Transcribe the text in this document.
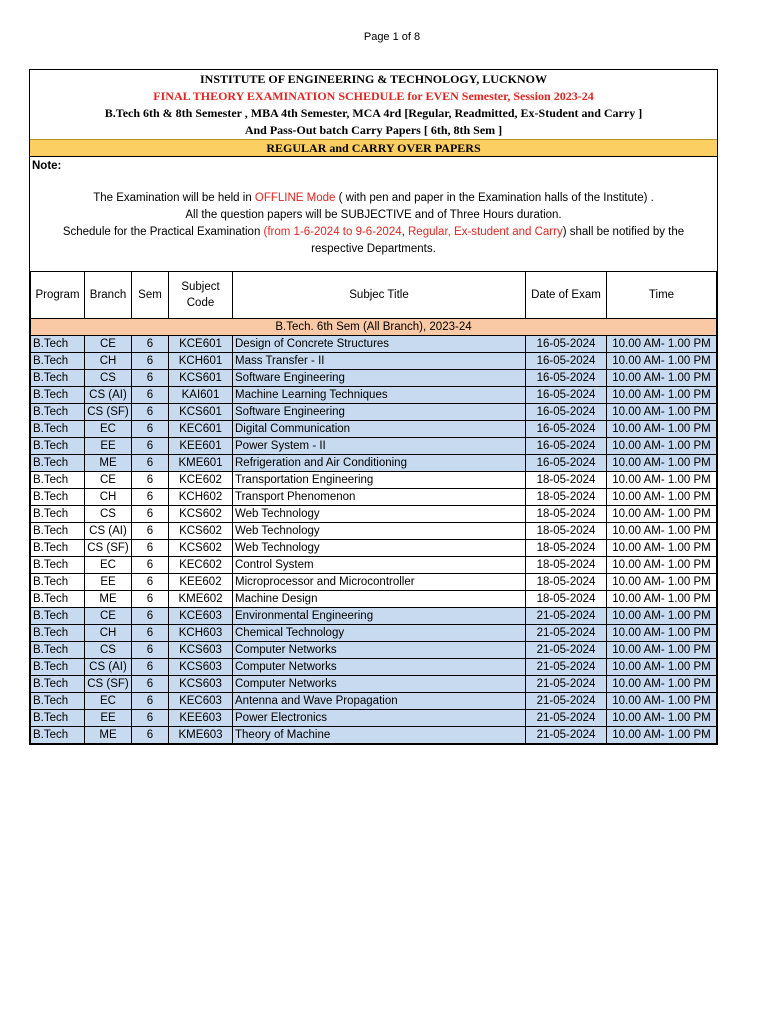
Page 1 of 8
INSTITUTE OF ENGINEERING & TECHNOLOGY, LUCKNOW
FINAL THEORY EXAMINATION SCHEDULE for EVEN Semester, Session 2023-24
B.Tech 6th & 8th Semester , MBA 4th Semester, MCA 4rd [Regular, Readmitted, Ex-Student and Carry ]
And Pass-Out batch Carry Papers [ 6th, 8th Sem ]
REGULAR and CARRY OVER PAPERS
Note:
The Examination will be held in OFFLINE Mode ( with pen and paper in the Examination halls of the Institute) .
All the question papers will be SUBJECTIVE and of Three Hours duration.
Schedule for the Practical Examination (from 1-6-2024 to 9-6-2024, Regular, Ex-student and Carry) shall be notified by the
respective Departments.
Program	Branch	Sem	Subject Code	Subjec Title	Date of Exam	Time
B.Tech. 6th Sem (All Branch), 2023-24						
B.Tech	CE	6	KCE601	Design of Concrete Structures	16-05-2024	10.00 AM- 1.00 PM
B.Tech	CH	6	KCH601	Mass Transfer - II	16-05-2024	10.00 AM- 1.00 PM
B.Tech	CS	6	KCS601	Software Engineering	16-05-2024	10.00 AM- 1.00 PM
B.Tech	CS (AI)	6	KAI601	Machine Learning Techniques	16-05-2024	10.00 AM- 1.00 PM
B.Tech	CS (SF)	6	KCS601	Software Engineering	16-05-2024	10.00 AM- 1.00 PM
B.Tech	EC	6	KEC601	Digital Communication	16-05-2024	10.00 AM- 1.00 PM
B.Tech	EE	6	KEE601	Power System - II	16-05-2024	10.00 AM- 1.00 PM
B.Tech	ME	6	KME601	Refrigeration and Air Conditioning	16-05-2024	10.00 AM- 1.00 PM
B.Tech	CE	6	KCE602	Transportation Engineering	18-05-2024	10.00 AM- 1.00 PM
B.Tech	CH	6	KCH602	Transport Phenomenon	18-05-2024	10.00 AM- 1.00 PM
B.Tech	CS	6	KCS602	Web Technology	18-05-2024	10.00 AM- 1.00 PM
B.Tech	CS (AI)	6	KCS602	Web Technology	18-05-2024	10.00 AM- 1.00 PM
B.Tech	CS (SF)	6	KCS602	Web Technology	18-05-2024	10.00 AM- 1.00 PM
B.Tech	EC	6	KEC602	Control System	18-05-2024	10.00 AM- 1.00 PM
B.Tech	EE	6	KEE602	Microprocessor and Microcontroller	18-05-2024	10.00 AM- 1.00 PM
B.Tech	ME	6	KME602	Machine Design	18-05-2024	10.00 AM- 1.00 PM
B.Tech	CE	6	KCE603	Environmental Engineering	21-05-2024	10.00 AM- 1.00 PM
B.Tech	CH	6	KCH603	Chemical Technology	21-05-2024	10.00 AM- 1.00 PM
B.Tech	CS	6	KCS603	Computer Networks	21-05-2024	10.00 AM- 1.00 PM
B.Tech	CS (AI)	6	KCS603	Computer Networks	21-05-2024	10.00 AM- 1.00 PM
B.Tech	CS (SF)	6	KCS603	Computer Networks	21-05-2024	10.00 AM- 1.00 PM
B.Tech	EC	6	KEC603	Antenna and Wave Propagation	21-05-2024	10.00 AM- 1.00 PM
B.Tech	EE	6	KEE603	Power Electronics	21-05-2024	10.00 AM- 1.00 PM
B.Tech	ME	6	KME603	Theory of Machine	21-05-2024	10.00 AM- 1.00 PM
